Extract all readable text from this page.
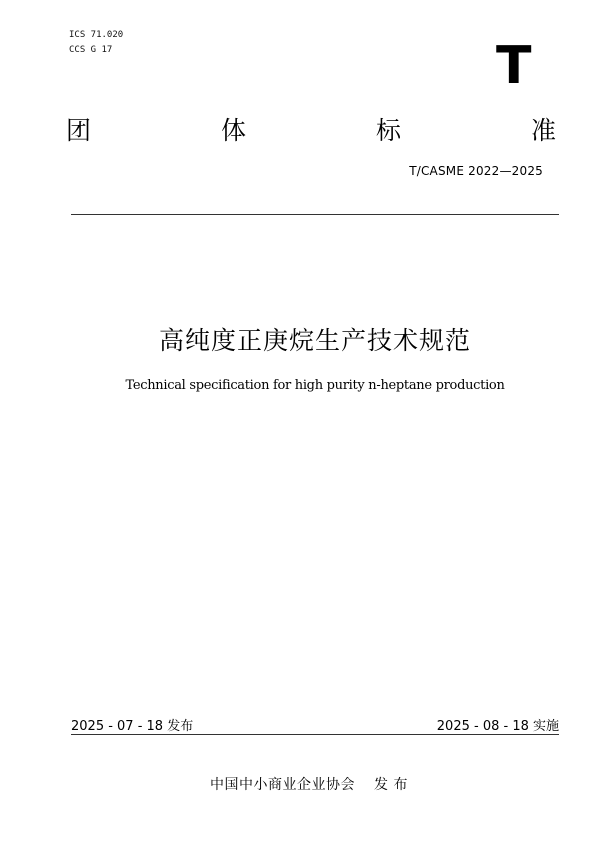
ICS 71.020
CCS G 17	T
团	体	标	准
T/CASME 2022—2025
高纯度正庚烷生产技术规范
Technical specification for high purity n-heptane production
2025 - 07 - 18 发布	2025 - 08 - 18 实施
中国中小商业企业协会 发 布
